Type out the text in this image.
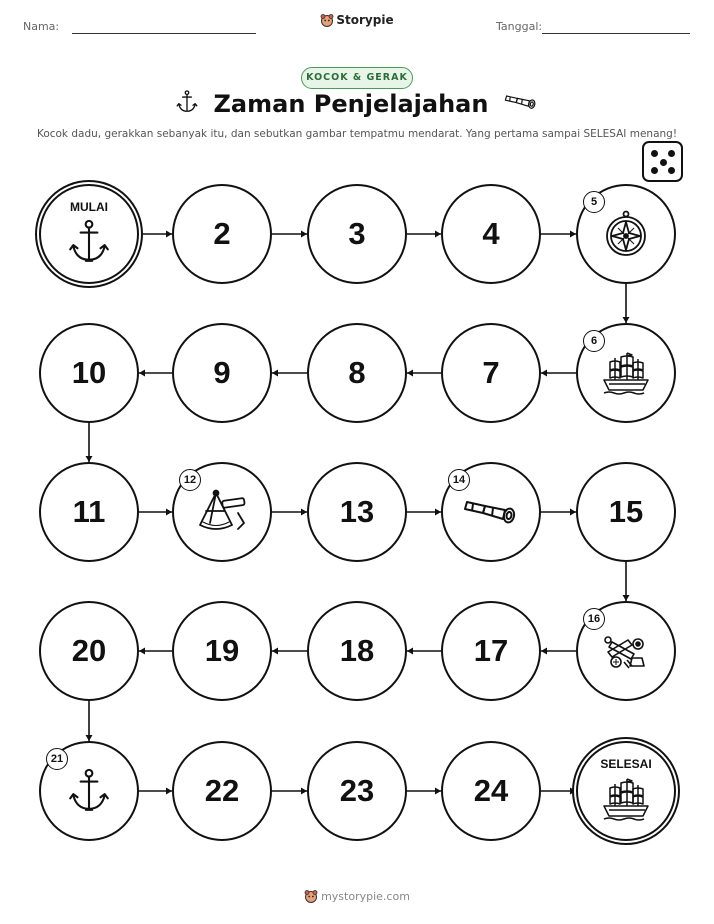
Nama:	Storypie	Tanggal:
KOCOK & GERAK
Zaman Penjelajahan
Kocok dadu, gerakkan sebanyak itu, dan sebutkan gambar tempatmu mendarat. Yang pertama sampai SELESAI menang!
MULAI
2	3	4
5
6
7
8
9
10
11
12
13
14
15
16
17
18
19
20
21
22	23	24
SELESAI
mystorypie.com
